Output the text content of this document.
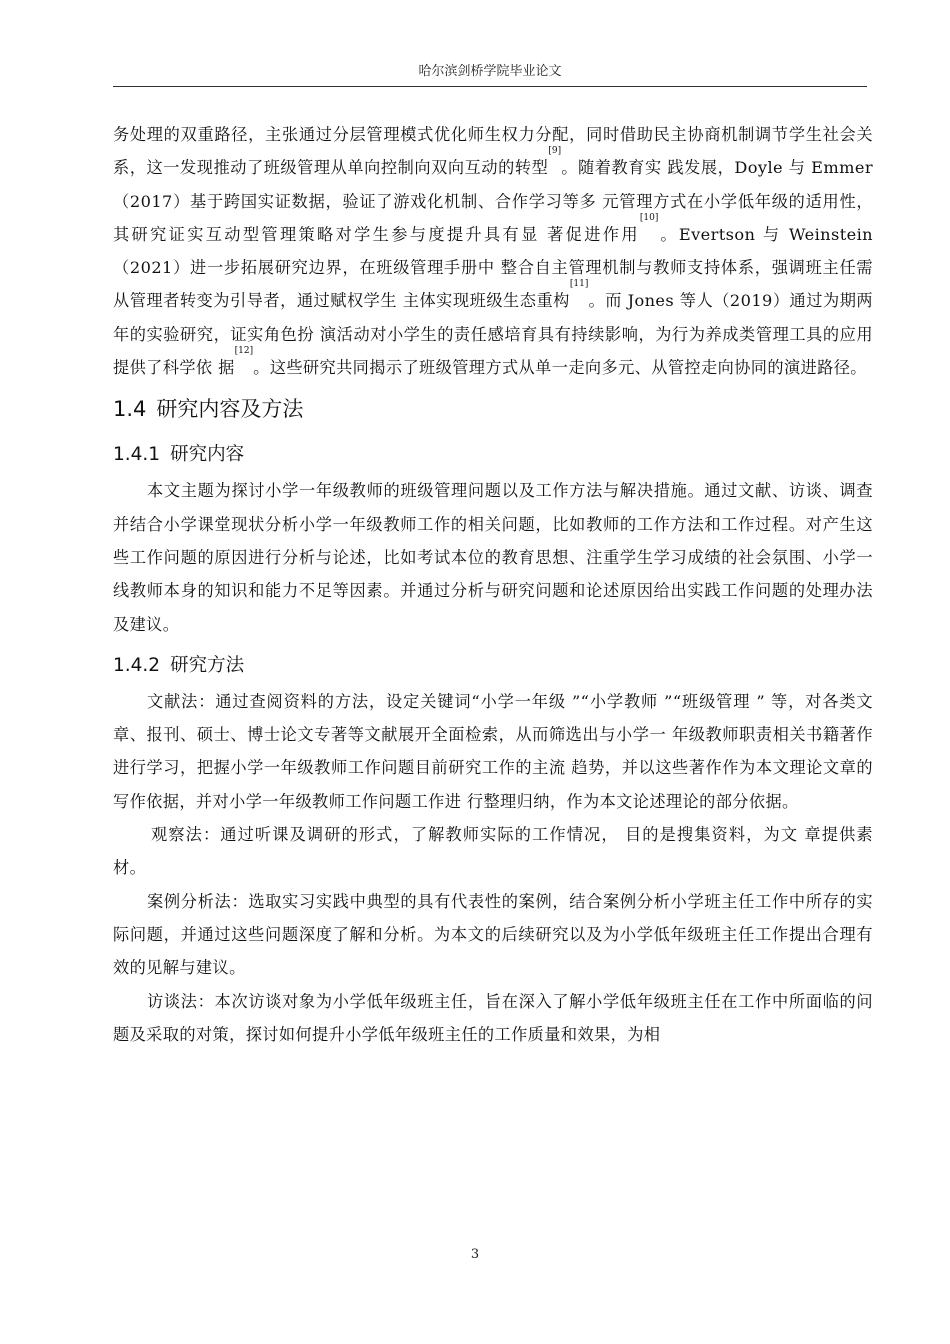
哈尔滨剑桥学院毕业论文

务处理的双重路径，主张通过分层管理模式优化师生权力分配，同时借助民主协商机制调节学生社会关系，这一发现推动了班级管理从单向控制向双向互动的转型[9]。随着教育实 践发展，Doyle 与 Emmer（2017）基于跨国实证数据，验证了游戏化机制、合作学习等多 元管理方式在小学低年级的适用性，其研究证实互动型管理策略对学生参与度提升具有显 著促进作用[10]。Evertson 与 Weinstein（2021）进一步拓展研究边界，在班级管理手册中 整合自主管理机制与教师支持体系，强调班主任需从管理者转变为引导者，通过赋权学生 主体实现班级生态重构[11]。而 Jones 等人（2019）通过为期两年的实验研究，证实角色扮 演活动对小学生的责任感培育具有持续影响，为行为养成类管理工具的应用提供了科学依 据[12]。这些研究共同揭示了班级管理方式从单一走向多元、从管控走向协同的演进路径。

1.4 研究内容及方法
1.4.1 研究内容

本文主题为探讨小学一年级教师的班级管理问题以及工作方法与解决措施。通过文献、访谈、调查并结合小学课堂现状分析小学一年级教师工作的相关问题，比如教师的工作方法和工作过程。对产生这些工作问题的原因进行分析与论述，比如考试本位的教育思想、注重学生学习成绩的社会氛围、小学一线教师本身的知识和能力不足等因素。并通过分析与研究问题和论述原因给出实践工作问题的处理办法及建议。

1.4.2 研究方法

文献法：通过查阅资料的方法，设定关键词“小学一年级 ”“小学教师 ”“班级管理 ” 等，对各类文章、报刊、硕士、博士论文专著等文献展开全面检索，从而筛选出与小学一 年级教师职责相关书籍著作进行学习，把握小学一年级教师工作问题目前研究工作的主流 趋势，并以这些著作作为本文理论文章的写作依据，并对小学一年级教师工作问题工作进 行整理归纳，作为本文论述理论的部分依据。

观察法：通过听课及调研的形式，了解教师实际的工作情况， 目的是搜集资料，为文 章提供素材。

案例分析法：选取实习实践中典型的具有代表性的案例，结合案例分析小学班主任工作中所存的实际问题，并通过这些问题深度了解和分析。为本文的后续研究以及为小学低年级班主任工作提出合理有效的见解与建议。

访谈法：本次访谈对象为小学低年级班主任，旨在深入了解小学低年级班主任在工作中所面临的问题及采取的对策，探讨如何提升小学低年级班主任的工作质量和效果，为相

3
